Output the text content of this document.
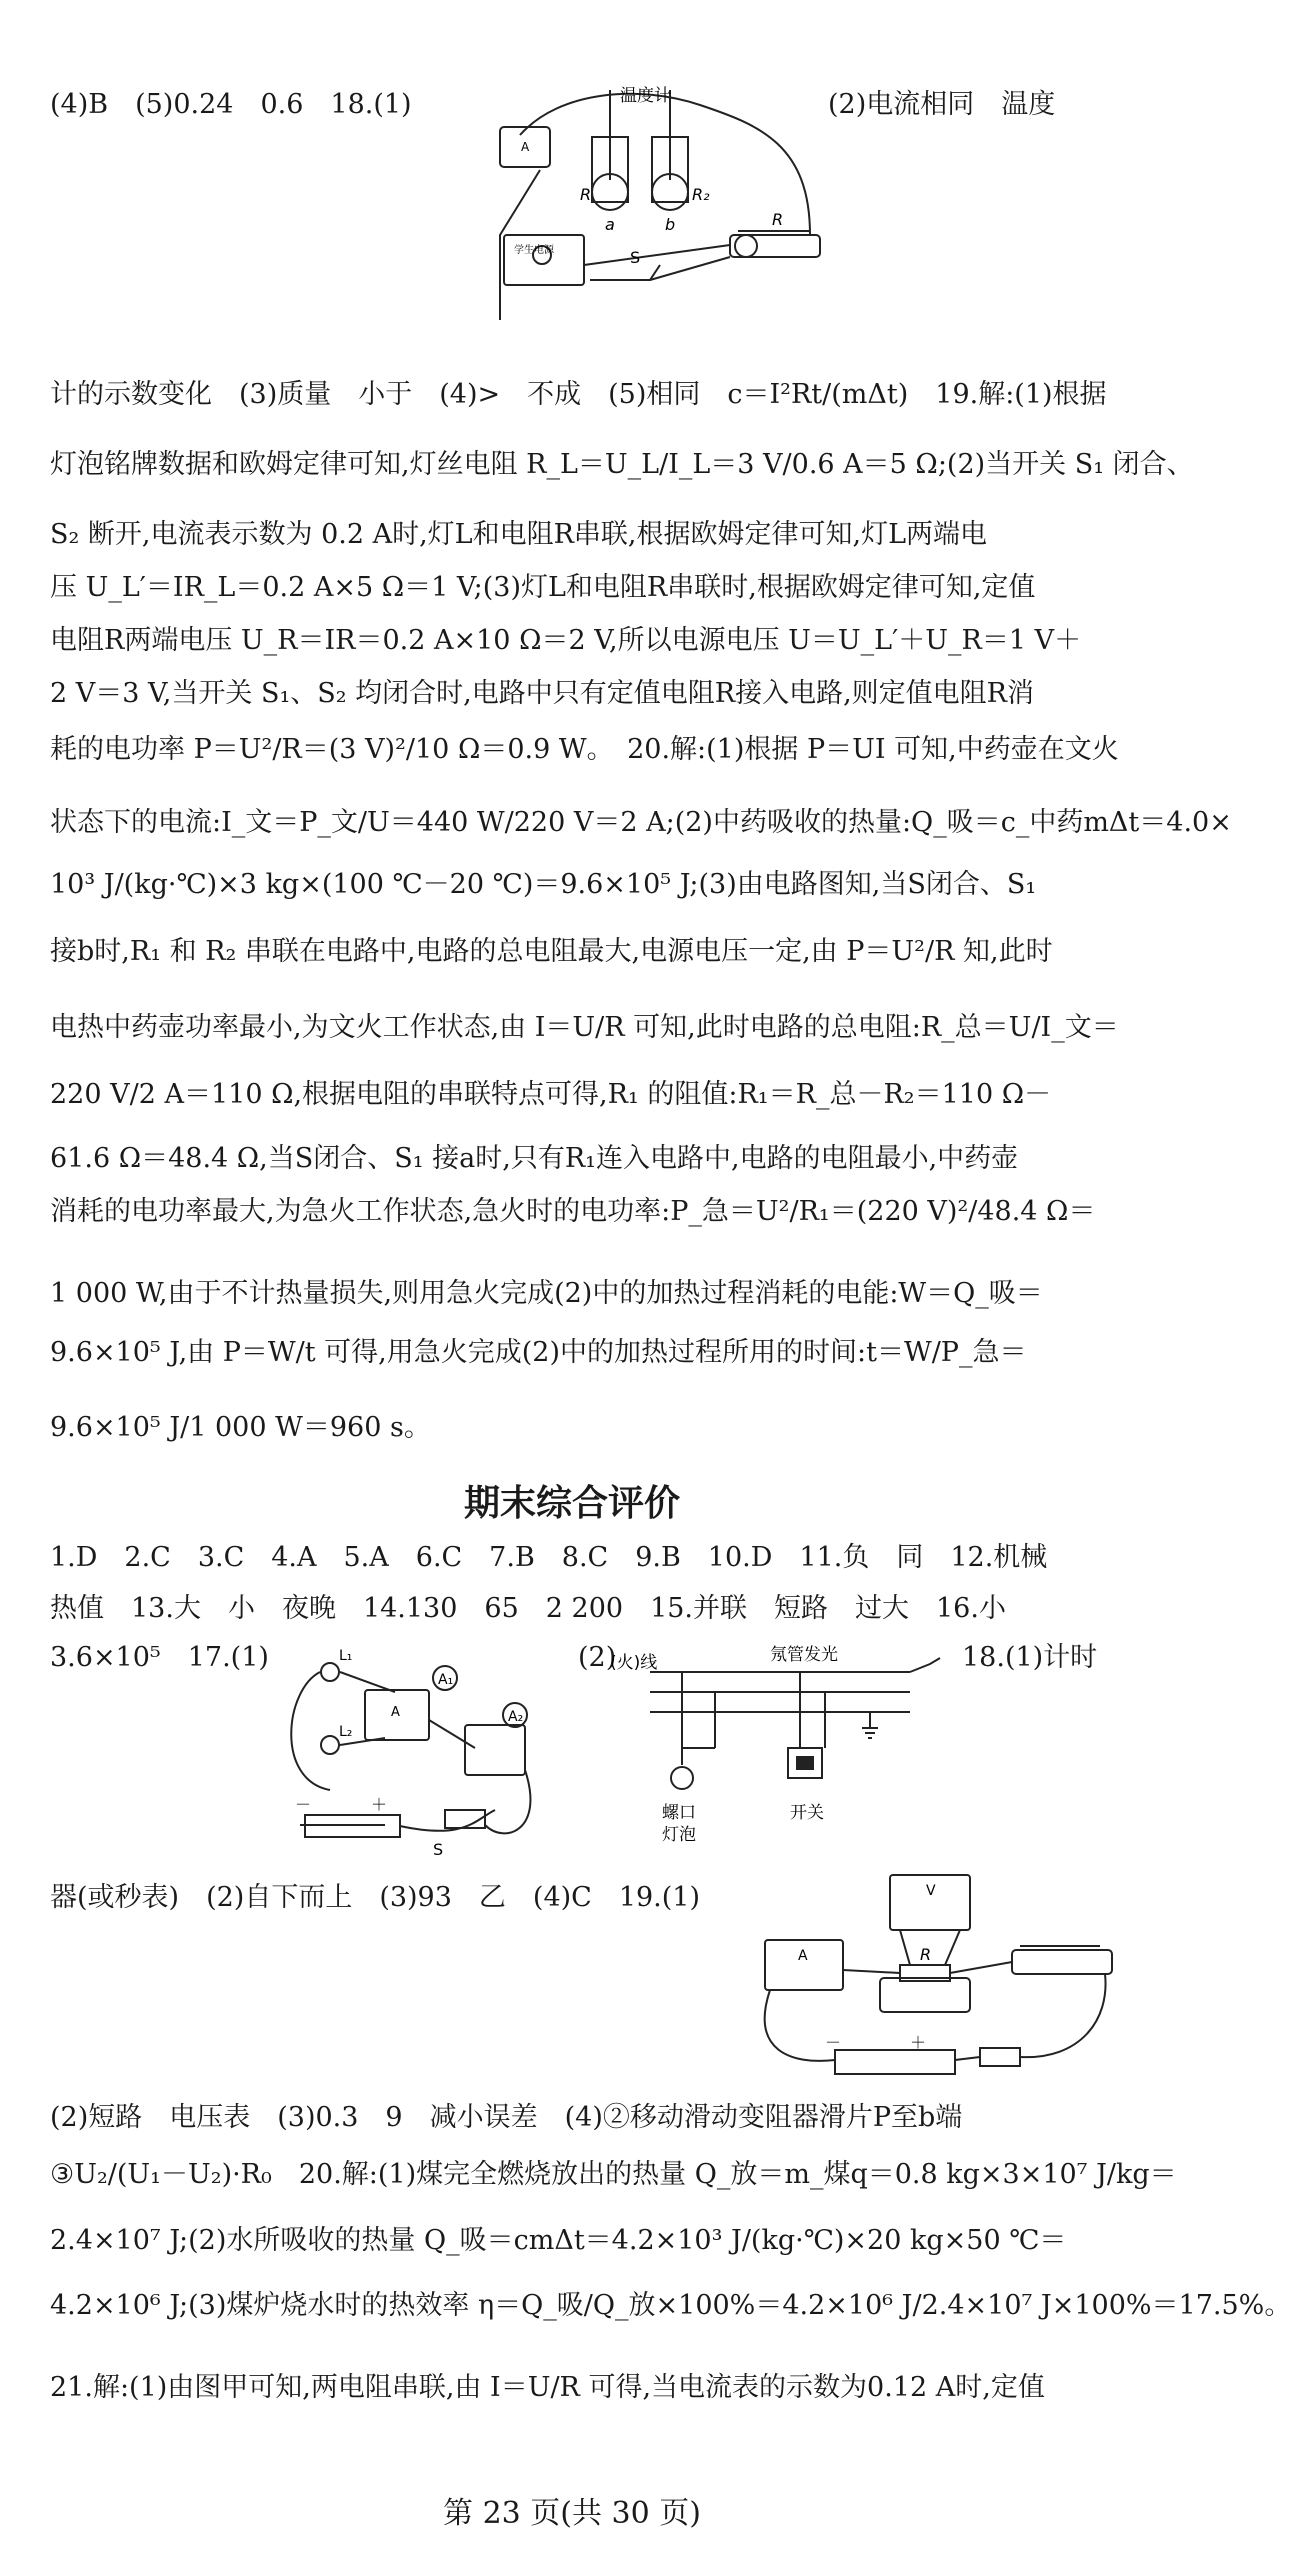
(4)B　(5)0.24　0.6　18.(1)
计的示数变化　(3)质量　小于　(4)>　不成　(5)相同　c＝I²Rt/(mΔt)　19.解:(1)根据
灯泡铭牌数据和欧姆定律可知,灯丝电阻 R_L＝U_L/I_L＝3 V/0.6 A＝5 Ω;(2)当开关 S₁ 闭合、
S₂ 断开,电流表示数为 0.2 A时,灯L和电阻R串联,根据欧姆定律可知,灯L两端电
压 U_L′＝IR_L＝0.2 A×5 Ω＝1 V;(3)灯L和电阻R串联时,根据欧姆定律可知,定值
电阻R两端电压 U_R＝IR＝0.2 A×10 Ω＝2 V,所以电源电压 U＝U_L′＋U_R＝1 V＋
2 V＝3 V,当开关 S₁、S₂ 均闭合时,电路中只有定值电阻R接入电路,则定值电阻R消
耗的电功率 P＝U²/R＝(3 V)²/10 Ω＝0.9 W。　20.解:(1)根据 P＝UI 可知,中药壶在文火
状态下的电流:I_文＝P_文/U＝440 W/220 V＝2 A;(2)中药吸收的热量:Q_吸＝c_中药mΔt＝4.0×
10³ J/(kg·℃)×3 kg×(100 ℃－20 ℃)＝9.6×10⁵ J;(3)由电路图知,当S闭合、S₁
接b时,R₁ 和 R₂ 串联在电路中,电路的总电阻最大,电源电压一定,由 P＝U²/R 知,此时
电热中药壶功率最小,为文火工作状态,由 I＝U/R 可知,此时电路的总电阻:R_总＝U/I_文＝
220 V/2 A＝110 Ω,根据电阻的串联特点可得,R₁ 的阻值:R₁＝R_总－R₂＝110 Ω－
61.6 Ω＝48.4 Ω,当S闭合、S₁ 接a时,只有R₁连入电路中,电路的电阻最小,中药壶
消耗的电功率最大,为急火工作状态,急火时的电功率:P_急＝U²/R₁＝(220 V)²/48.4 Ω＝
1 000 W,由于不计热量损失,则用急火完成(2)中的加热过程消耗的电能:W＝Q_吸＝
9.6×10⁵ J,由 P＝W/t 可得,用急火完成(2)中的加热过程所用的时间:t＝W/P_急＝
9.6×10⁵ J/1 000 W＝960 s。
1.D　2.C　3.C　4.A　5.A　6.C　7.B　8.C　9.B　10.D　11.负　同　12.机械
热值　13.大　小　夜晚　14.130　65　2 200　15.并联　短路　过大　16.小
3.6×10⁵　17.(1)
器(或秒表)　(2)自下而上　(3)93　乙　(4)C　19.(1)
(2)短路　电压表　(3)0.3　9　减小误差　(4)②移动滑动变阻器滑片P至b端
③U₂/(U₁－U₂)·R₀　20.解:(1)煤完全燃烧放出的热量 Q_放＝m_煤q＝0.8 kg×3×10⁷ J/kg＝
2.4×10⁷ J;(2)水所吸收的热量 Q_吸＝cmΔt＝4.2×10³ J/(kg·℃)×20 kg×50 ℃＝
4.2×10⁶ J;(3)煤炉烧水时的热效率 η＝Q_吸/Q_放×100%＝4.2×10⁶ J/2.4×10⁷ J×100%＝17.5%。
21.解:(1)由图甲可知,两电阻串联,由 I＝U/R 可得,当电流表的示数为0.12 A时,定值
(2)电流相同　温度
(2)	18.(1)计时
期末综合评价
第 23 页(共 30 页)
温度计
R	R₂
a	b
S
R
A
学生电源
L₁
L₂
A₁
A₂
A
－	＋
S
(火)线	氖管发光
螺口
灯泡
开关
A
V
R
－	＋
